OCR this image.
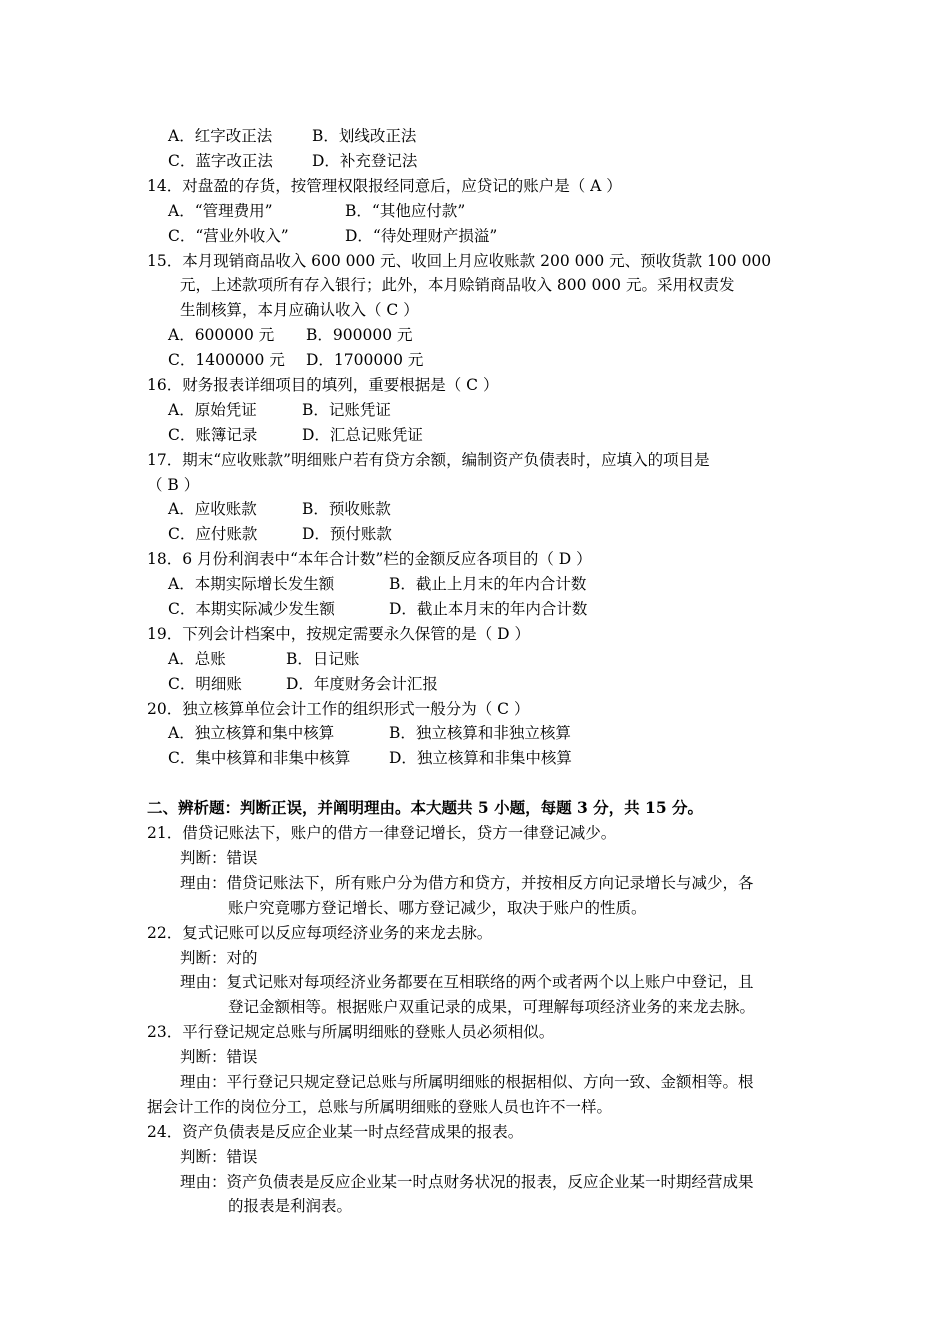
A．红字改正法	B．划线改正法
C．蓝字改正法	D．补充登记法
14．对盘盈的存货，按管理权限报经同意后，应贷记的账户是（ A ）
A．“管理费用”	B．“其他应付款”
C．“营业外收入”	D．“待处理财产损溢”
15．本月现销商品收入 600 000 元、收回上月应收账款 200 000 元、预收货款 100 000
元，上述款项所有存入银行；此外，本月赊销商品收入 800 000 元。采用权责发
生制核算，本月应确认收入（ C ）
A．600000 元 B．900000 元
C．1400000 元 D．1700000 元
16．财务报表详细项目的填列，重要根据是（ C ）
A．原始凭证	B．记账凭证
C．账簿记录	D．汇总记账凭证
17．期末“应收账款”明细账户若有贷方余额，编制资产负债表时，应填入的项目是
（ B ）
A．应收账款	B．预收账款
C．应付账款	D．预付账款
18．6 月份利润表中“本年合计数”栏的金额反应各项目的（ D ）
A．本期实际增长发生额	B．截止上月末的年内合计数
C．本期实际减少发生额	D．截止本月末的年内合计数
19．下列会计档案中，按规定需要永久保管的是（ D ）
A．总账	B．日记账
C．明细账	D．年度财务会计汇报
20．独立核算单位会计工作的组织形式一般分为（ C ）
A．独立核算和集中核算	B．独立核算和非独立核算
C．集中核算和非集中核算 D．独立核算和非集中核算
二、辨析题：判断正误，并阐明理由。本大题共 5 小题，每题 3 分，共 15 分。
21．借贷记账法下，账户的借方一律登记增长，贷方一律登记减少。
判断：错误
理由：借贷记账法下，所有账户分为借方和贷方，并按相反方向记录增长与减少，各
账户究竟哪方登记增长、哪方登记减少，取决于账户的性质。
22．复式记账可以反应每项经济业务的来龙去脉。
判断：对的
理由：复式记账对每项经济业务都要在互相联络的两个或者两个以上账户中登记，且
登记金额相等。根据账户双重记录的成果，可理解每项经济业务的来龙去脉。
23．平行登记规定总账与所属明细账的登账人员必须相似。
判断：错误
理由：平行登记只规定登记总账与所属明细账的根据相似、方向一致、金额相等。根
据会计工作的岗位分工，总账与所属明细账的登账人员也许不一样。
24．资产负债表是反应企业某一时点经营成果的报表。
判断：错误
理由：资产负债表是反应企业某一时点财务状况的报表，反应企业某一时期经营成果
的报表是利润表。
